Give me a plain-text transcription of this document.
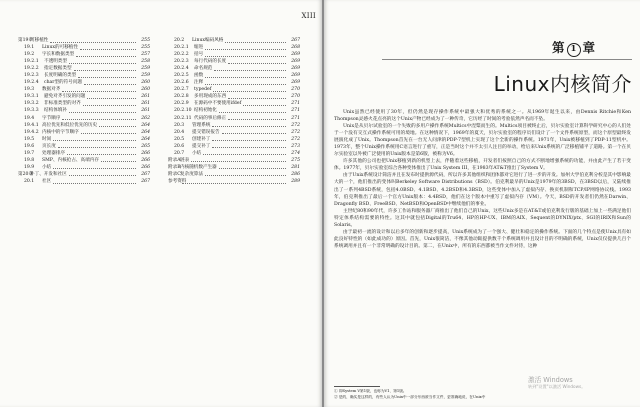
XIII
第19章
可移植性	255
19.1 Linux的可移植性	255
19.2 字长和数据类型	257
19.2.1 不透明类型	258
19.2.2 指定数据类型	259
19.2.3 长度明确的类型	259
19.2.4 char型的符号问题	260
19.3 数据对齐	260
19.3.1 避免对齐引发的问题	261
19.3.2 非标准类型的对齐	261
19.3.3 结构体填补	261
19.4 字节顺序	262
19.4.1 高位优先和低位优先的历史	264
19.4.2 内核中的字节顺序	264
19.5 时间	264
19.6 页长度	265
19.7 处理器排序	266
19.8 SMP、内核抢占、高端内存	266
19.9 小结	266
第20章
补丁、开发和社区	267
20.1 社区	267
20.2 Linux编码风格	267
20.2.1 缩进	268
20.2.2 括号	269
20.2.3 每行代码的长度	269
20.2.4 命名规范	269
20.2.5 函数	269
20.2.6 注释	269
20.2.7 typedef	270
20.2.8 多用现成的东西	270
20.2.9 在源码中不要使用ifdef	271
20.2.10 结构初始化	271
20.2.11 代码的事后修正	271
20.3 管理系统	272
20.4 提交错误报告	272
20.5 创建补丁	272
20.6 提交补丁	273
20.7 小结	274
附录A 链表	275
附录B 内核随机数产生器	281
附录C 复杂度算法	286
参考资料	289
第 1 章
Linux内核简介

Unix虽然已经使用了30年，但仍然是现存操作系统中最强大和优秀的系统之一。从1969年诞生以来，由Dennis Ritchie和Ken Thompson灵感火花点亮的这个Unix产物已经成为了一种传奇，它历经了时间的考验依然声名而不坠。

Unix是从贝尔试验室的一个失败的多用户操作系统Multics中涅槃而生的。Multics项目被终止后，贝尔实验室计算科学研究中心的人们处于一个没有交互式操作系统可用的境地。在这种情况下，1969年的夏天，贝尔实验室的程序员们设计了一个文件系统原型，而这个原型最终发展演化成了Unix。Thompson首先在一台无人问津的PDP-7型机上实现了这个全新的操作系统。1971年，Unix被移植到了PDP-11型机中。1973年，整个Unix操作系统用C语言进行了重写，正是当时这个并不太引人注目的举动，给后来Unix系统的广泛移植铺平了道路。第一个在贝尔实验室以外被广泛使用的Unix版本是第6版，被称为V6。

许多其他的公司也把Unix移植到新的机型上去，伴随着这些移植，开发者们按照自己的方式不断地增强系统的功能，并由此产生了若干变体。1977年，贝尔实验室综合各种变体推出了Unix System III，在1983年AT&T推出了System V。

由于Unix系统设计简洁并且在发布时提供源代码，所以许多其他组织和团体都对它进行了进一步的开发。加州大学伯克利分校是其中影响最大的一个，他们推出的变体叫Berkeley Software Distributions（BSD）。伯克利最早的Unix是1979年的3BSD，在3BSD以后，又陆续推出了一系列4BSD系统，包括4.0BSD、4.1BSD、4.2BSD和4.3BSD，这些变体中加入了虚拟内存、换页机制和TCP/IP网络协议栈。1993年，伯克利推出了最后一个官方Unix版本：4.4BSD，他们在这个版本中重写了虚拟内存（VM）。今天，BSD的开发者们仍然在Darwin、Dragonfly BSD、FreeBSD、NetBSD和OpenBSD中继续他们的事业。

主世纪80和90年代，许多工作站和服务器厂商推出了他们自己的Unix，这些Unix多是在AT&T或伯克利发行版的基础上加上一些满足他们特定体系结构需要的特性。这其中就包括Digital的Tru64、HP的HP-UX、IBM的AIX、Sequent的DYNIX/ptx、SGI的IRIX和Sun的Solaris。

由于最初一流的设计和以后多年的创新和逐步提高，Unix系统成为了一个强大、健壮和稳定的操作系统。下面的几个特点是使Unix具有如此良好特性的（如此成功的）原因。首先，Unix很简洁，不像其他动辄提供数千个系统调用并且设计目的不明确的系统，Unix仅仅提供几百个系统调用并且有一个非常明确的设计目的。第二，在Unix中，所有的东西都被当作文件对待，这种

① 即System V第1版，也称为V1、第1版。
② 是的，确实是这样的，有些人认为Unix中一部分东西被当作文件，更准确地说，在Unix中
激活 Windows
转到"设置"以激活 Windows。
